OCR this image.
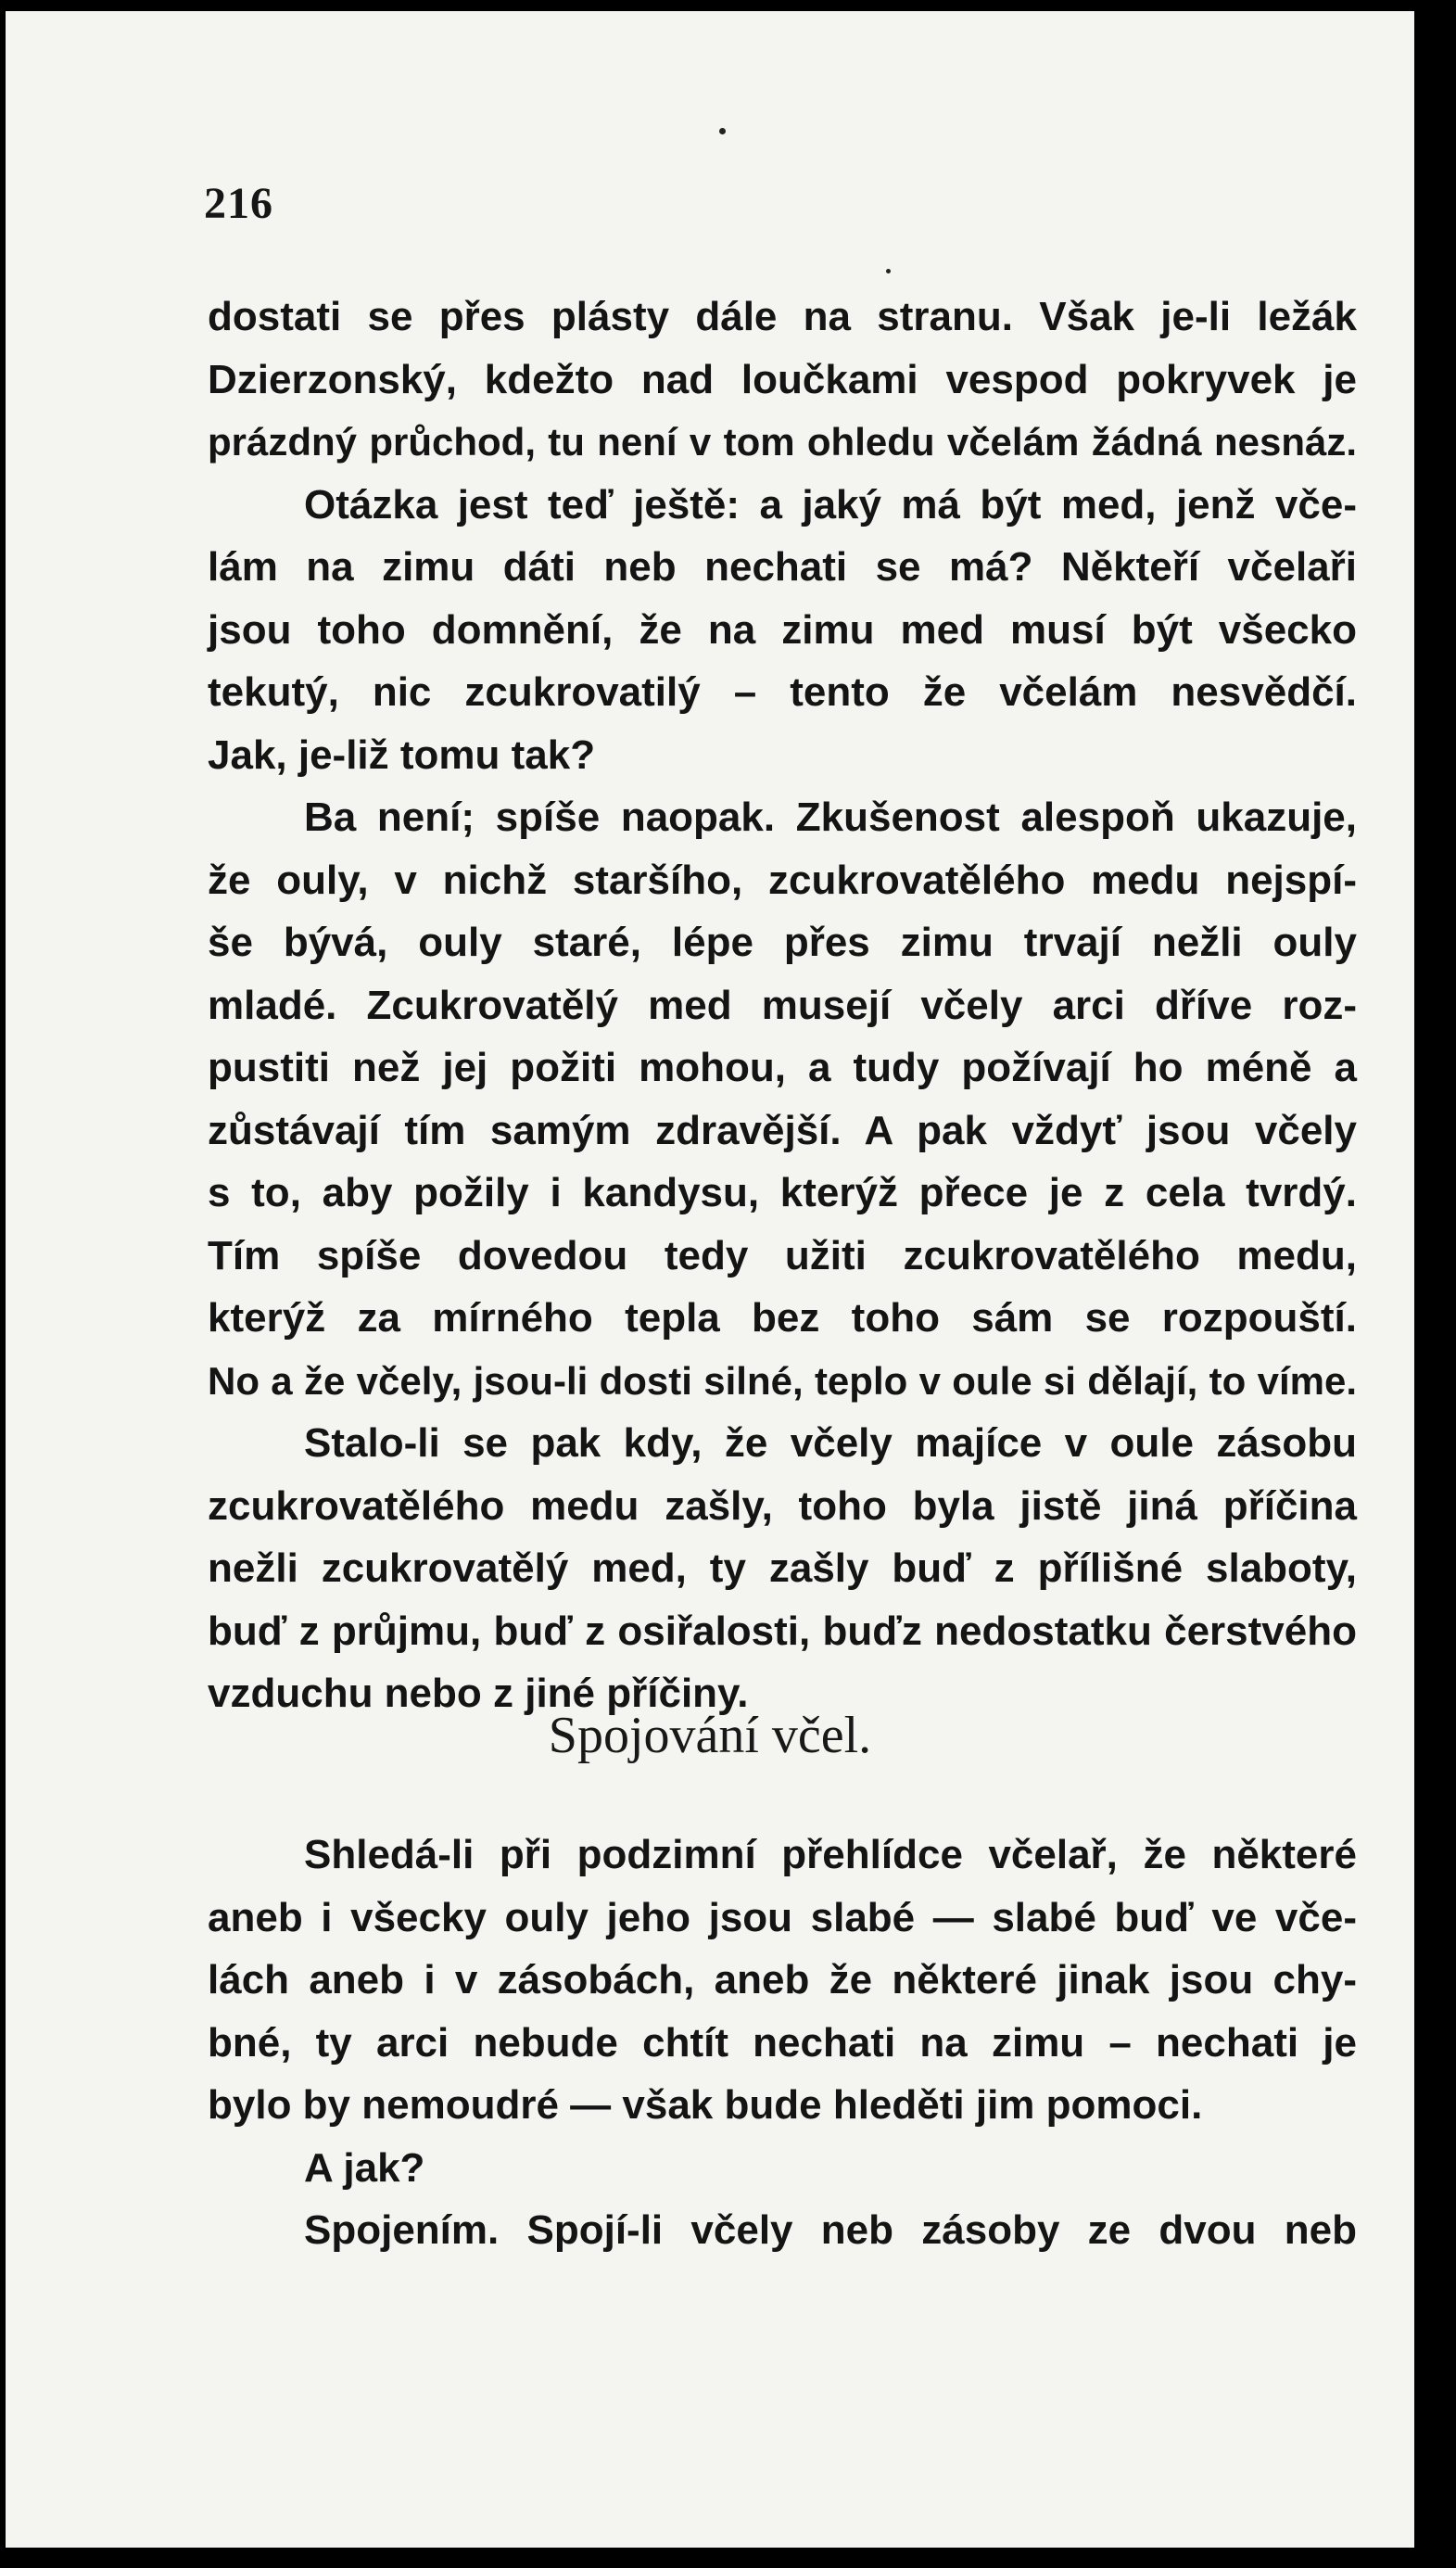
216
dostati se přes plásty dále na stranu. Však je-li ležák
Dzierzonský, kdežto nad loučkami vespod pokryvek je
prázdný průchod, tu není v tom ohledu včelám žádná nesnáz.
Otázka jest teď ještě: a jaký má být med, jenž vče-
lám na zimu dáti neb nechati se má? Někteří včelaři
jsou toho domnění, že na zimu med musí být všecko
tekutý, nic zcukrovatilý – tento že včelám nesvědčí.
Jak, je-liž tomu tak?
Ba není; spíše naopak. Zkušenost alespoň ukazuje,
že ouly, v nichž staršího, zcukrovatělého medu nejspí-
še bývá, ouly staré, lépe přes zimu trvají nežli ouly
mladé. Zcukrovatělý med musejí včely arci dříve roz-
pustiti než jej požiti mohou, a tudy požívají ho méně a
zůstávají tím samým zdravější. A pak vždyť jsou včely
s to, aby požily i kandysu, kterýž přece je z cela tvrdý.
Tím spíše dovedou tedy užiti zcukrovatělého medu,
kterýž za mírného tepla bez toho sám se rozpouští.
No a že včely, jsou-li dosti silné, teplo v oule si dělají, to víme.
Stalo-li se pak kdy, že včely majíce v oule zásobu
zcukrovatělého medu zašly, toho byla jistě jiná příčina
nežli zcukrovatělý med, ty zašly buď z přílišné slaboty,
buď z průjmu, buď z osiřalosti, buďz nedostatku čerstvého
vzduchu nebo z jiné příčiny.
Spojování včel.
Shledá-li při podzimní přehlídce včelař, že některé
aneb i všecky ouly jeho jsou slabé — slabé buď ve vče-
lách aneb i v zásobách, aneb že některé jinak jsou chy-
bné, ty arci nebude chtít nechati na zimu – nechati je
bylo by nemoudré — však bude hleděti jim pomoci.
A jak?
Spojením. Spojí-li včely neb zásoby ze dvou neb
